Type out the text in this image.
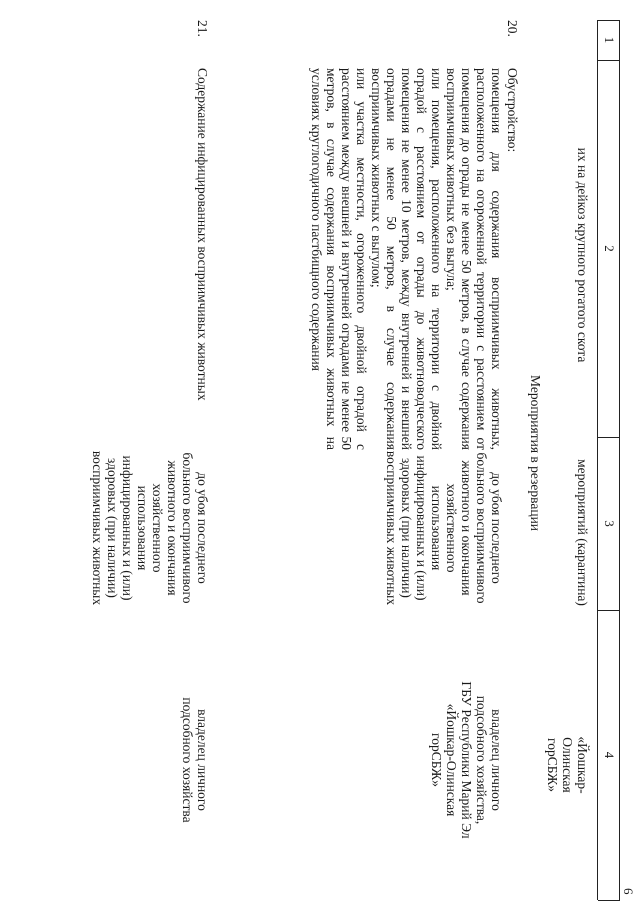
1
2
3
4
6
их на дейкоз крупного рогатого скота
мероприятий (карантина)
«Йошкар-Олинская горСБЖ»
Мероприятия в резервации
20.
Обустройство:
помещения для содержания восприимчивых животных, расположенного на огороженной территории с расстоянием от помещения до ограды не менее 50 метров, в случае содержания восприимчивых животных без выгула;
или помещения, расположенного на территории с двойной оградой с расстоянием от ограды до животноводческого помещения не менее 10 метров, между внутренней и внешней оградами не менее 50 метров, в случае содержания восприимчивых животных с выгулом;
или участка местности, огороженного двойной оградой с расстоянием между внешней и внутренней оградами не менее 50 метров, в случае содержания восприимчивых животных на условиях круглогодичного пастбищного содержания
до убоя последнего
больного восприимчивого
животного и окончания
хозяйственного
использования
инфицированных и (или)
здоровых (при наличии)
восприимчивых животных
владелец личного
подсобного хозяйства,
ГБУ Республики Марий Эл
«Йошкар-Олинская
горСБЖ»
21.
Содержание инфицированных восприимчивых животных
до убоя последнего
больного восприимчивого
животного и окончания
хозяйственного
использования
инфицированных и (или)
здоровых (при наличии)
восприимчивых животных
владелец личного
подсобного хозяйства
